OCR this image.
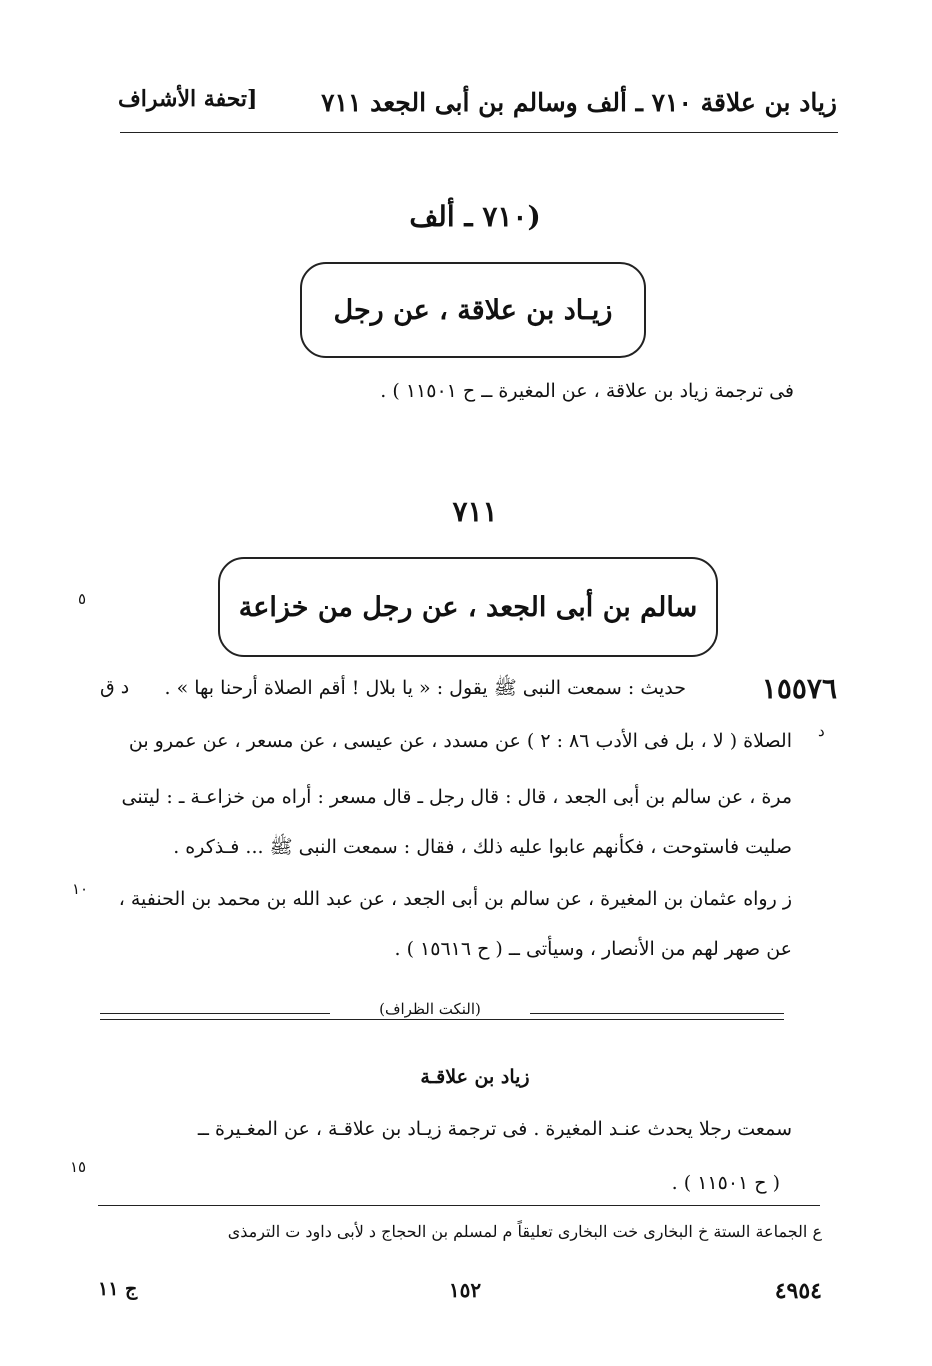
زياد بن علاقة ٧١٠ ـ ألف وسالم بن أبى الجعد ٧١١
[تحفة الأشراف
(٧١٠ ـ ألف
زيـاد بن علاقة ، عن رجل
فى ترجمة زياد بن علاقة ، عن المغيرة ــ ح ١١٥٠١ ) .
٧١١
سالم بن أبى الجعد ، عن رجل من خزاعة
٥
١٠
١٥
د
١٥٥٧٦
حديث : سمعت النبى ﷺ يقول : « يا بلال ! أقم الصلاة أرحنا بها » .
د ق
الصلاة ( لا ، بل فى الأدب ٨٦ : ٢ ) عن مسدد ، عن عيسى ، عن مسعر ، عن عمرو بن
مرة ، عن سالم بن أبى الجعد ، قال : قال رجل ـ قال مسعر : أراه من خزاعـة ـ : ليتنى
صليت فاستوحت ، فكأنهم عابوا عليه ذلك ، فقال : سمعت النبى ﷺ ... فـذكره .
ز رواه عثمان بن المغيرة ، عن سالم بن أبى الجعد ، عن عبد الله بن محمد بن الحنفية ،
عن صهر لهم من الأنصار ، وسيأتى ــ ( ح ١٥٦١٦ ) .
(النكت الظراف)
زياد بن علاقـة
سمعت رجلا يحدث عنـد المغيرة . فى ترجمة زيـاد بن علاقـة ، عن المغـيرة ــ
( ح ١١٥٠١ ) .
ع الجماعة الستة خ البخارى خت البخارى تعليقاً م لمسلم بن الحجاج د لأبى داود ت الترمذى
ج ١١	١٥٢	٤٩٥٤
